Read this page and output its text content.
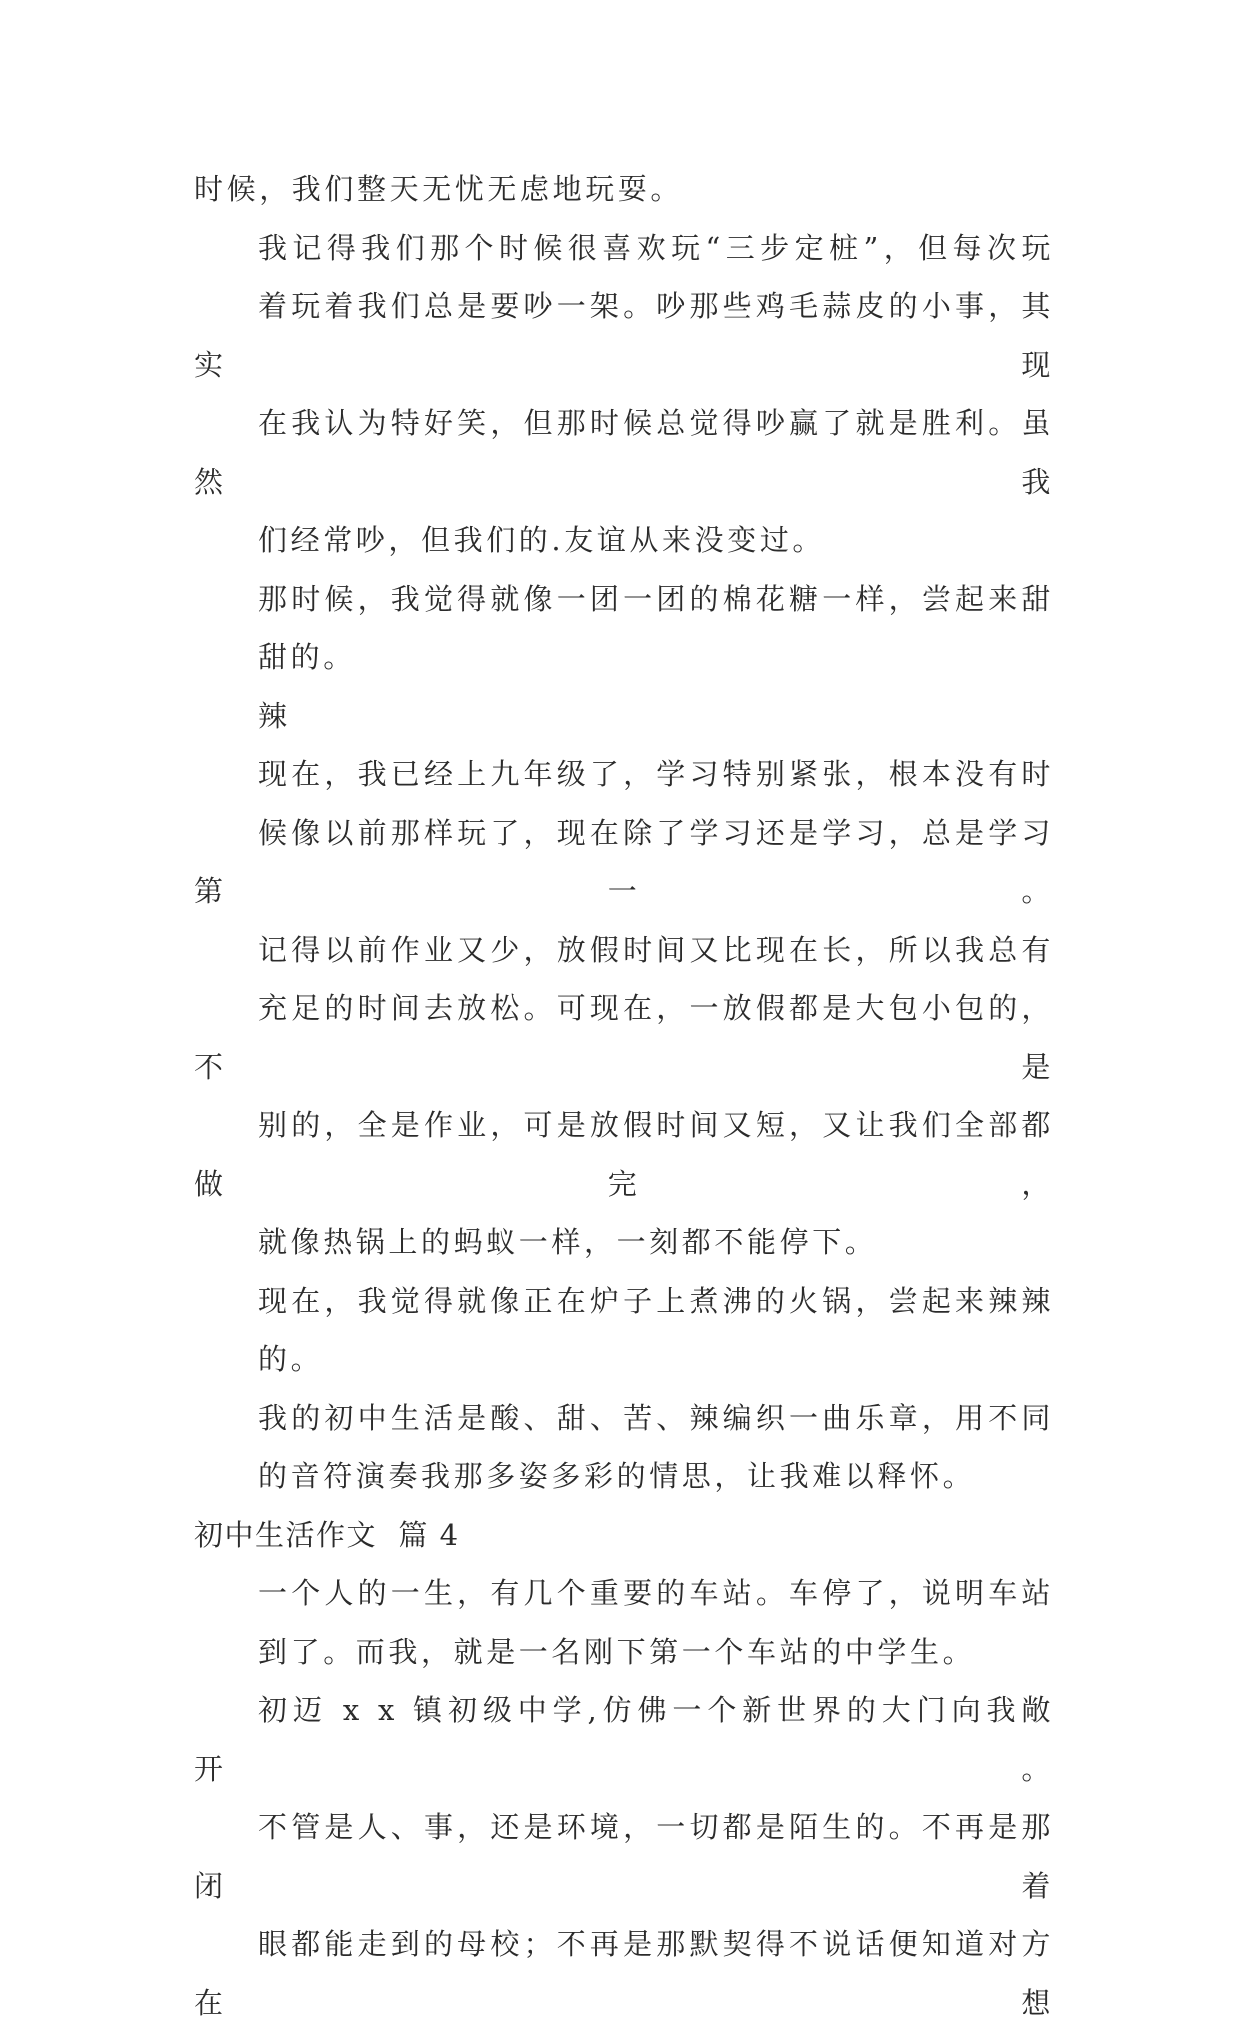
时候，我们整天无忧无虑地玩耍。

我记得我们那个时候很喜欢玩“三步定桩”，但每次玩
着玩着我们总是要吵一架。吵那些鸡毛蒜皮的小事，其实现
在我认为特好笑，但那时候总觉得吵赢了就是胜利。虽然我
们经常吵，但我们的.友谊从来没变过。

那时候，我觉得就像一团一团的棉花糖一样，尝起来甜
甜的。

辣

现在，我已经上九年级了，学习特别紧张，根本没有时
候像以前那样玩了，现在除了学习还是学习，总是学习第一。

记得以前作业又少，放假时间又比现在长，所以我总有
充足的时间去放松。可现在，一放假都是大包小包的，不是
别的，全是作业，可是放假时间又短，又让我们全部都做完，
就像热锅上的蚂蚁一样，一刻都不能停下。

现在，我觉得就像正在炉子上煮沸的火锅，尝起来辣辣
的。

我的初中生活是酸、甜、苦、辣编织一曲乐章，用不同
的音符演奏我那多姿多彩的情思，让我难以释怀。

初中生活作文  篇 4

一个人的一生，有几个重要的车站。车停了，说明车站
到了。而我，就是一名刚下第一个车站的中学生。

初迈 x x 镇初级中学,仿佛一个新世界的大门向我敞开。
不管是人、事，还是环境，一切都是陌生的。不再是那闭着
眼都能走到的母校；不再是那默契得不说话便知道对方在想
